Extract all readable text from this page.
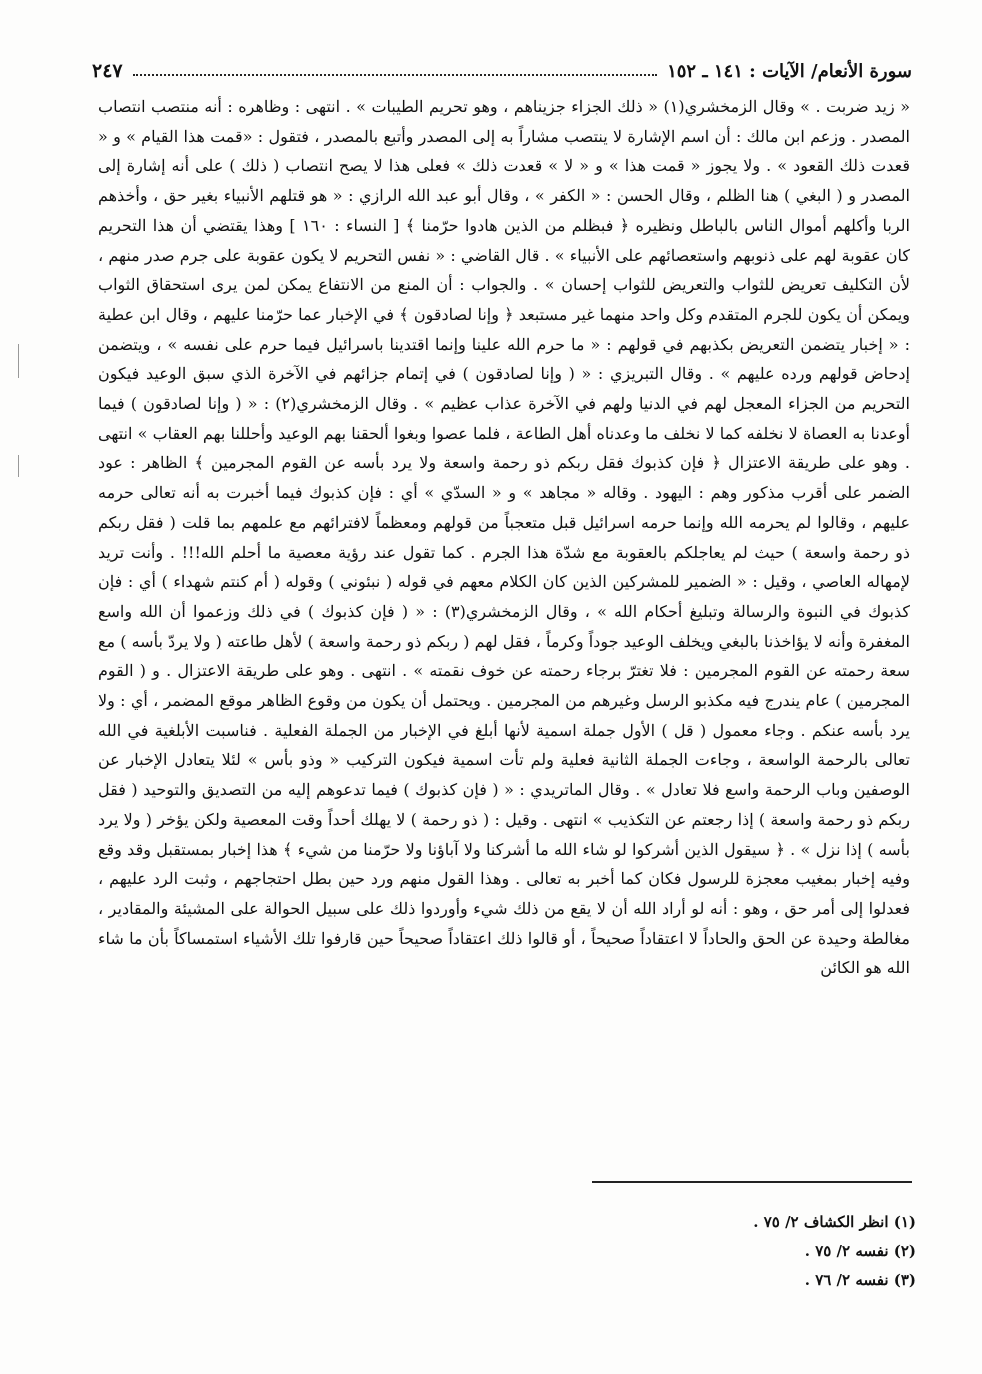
سورة الأنعام/ الآيات : ١٤١ ـ ١٥٢
٢٤٧
« زيد ضربت . » وقال الزمخشري(١) « ذلك الجزاء جزيناهم ، وهو تحريم الطيبات » . انتهى : وظاهره : أنه منتصب انتصاب المصدر . وزعم ابن مالك : أن اسم الإشارة لا ينتصب مشاراً به إلى المصدر وأتبع بالمصدر ، فتقول : «قمت هذا القيام » و « قعدت ذلك القعود » . ولا يجوز « قمت هذا » و « لا » قعدت ذلك » فعلى هذا لا يصح انتصاب ( ذلك ) على أنه إشارة إلى المصدر و ( البغي ) هنا الظلم ، وقال الحسن : « الكفر » ، وقال أبو عبد الله الرازي : « هو قتلهم الأنبياء بغير حق ، وأخذهم الربا وأكلهم أموال الناس بالباطل ونظيره ﴿ فبظلم من الذين هادوا حرّمنا ﴾ [ النساء : ١٦٠ ] وهذا يقتضي أن هذا التحريم كان عقوبة لهم على ذنوبهم واستعصائهم على الأنبياء » . قال القاضي : « نفس التحريم لا يكون عقوبة على جرم صدر منهم ، لأن التكليف تعريض للثواب والتعريض للثواب إحسان » . والجواب : أن المنع من الانتفاع يمكن لمن يرى استحقاق الثواب ويمكن أن يكون للجرم المتقدم وكل واحد منهما غير مستبعد ﴿ وإنا لصادقون ﴾ في الإخبار عما حرّمنا عليهم ، وقال ابن عطية : « إخبار يتضمن التعريض بكذبهم في قولهم : « ما حرم الله علينا وإنما اقتدينا باسرائيل فيما حرم على نفسه » ، ويتضمن إدحاض قولهم ورده عليهم » . وقال التبريزي : « ( وإنا لصادقون ) في إتمام جزائهم في الآخرة الذي سبق الوعيد فيكون التحريم من الجزاء المعجل لهم في الدنيا ولهم في الآخرة عذاب عظيم » . وقال الزمخشري(٢) : « ( وإنا لصادقون ) فيما أوعدنا به العصاة لا نخلفه كما لا نخلف ما وعدناه أهل الطاعة ، فلما عصوا وبغوا ألحقنا بهم الوعيد وأحللنا بهم العقاب » انتهى . وهو على طريقة الاعتزال ﴿ فإن كذبوك فقل ربكم ذو رحمة واسعة ولا يرد بأسه عن القوم المجرمين ﴾ الظاهر : عود الضمر على أقرب مذكور وهم : اليهود . وقاله « مجاهد » و « السدّي » أي : فإن كذبوك فيما أخبرت به أنه تعالى حرمه عليهم ، وقالوا لم يحرمه الله وإنما حرمه اسرائيل قبل متعجباً من قولهم ومعظماً لافترائهم مع علمهم بما قلت ( فقل ربكم ذو رحمة واسعة ) حيث لم يعاجلكم بالعقوبة مع شدّة هذا الجرم . كما تقول عند رؤية معصية ما أحلم الله!!! . وأنت تريد لإمهاله العاصي ، وقيل : « الضمير للمشركين الذين كان الكلام معهم في قوله ( نبئوني ) وقوله ( أم كنتم شهداء ) أي : فإن كذبوك في النبوة والرسالة وتبليغ أحكام الله » ، وقال الزمخشري(٣) : « ( فإن كذبوك ) في ذلك وزعموا أن الله واسع المغفرة وأنه لا يؤاخذنا بالبغي ويخلف الوعيد جوداً وكرماً ، فقل لهم ( ربكم ذو رحمة واسعة ) لأهل طاعته ( ولا يردّ بأسه ) مع سعة رحمته عن القوم المجرمين : فلا تغترّ برجاء رحمته عن خوف نقمته » . انتهى . وهو على طريقة الاعتزال . و ( القوم المجرمين ) عام يندرج فيه مكذبو الرسل وغيرهم من المجرمين . ويحتمل أن يكون من وقوع الظاهر موقع المضمر ، أي : ولا يرد بأسه عنكم . وجاء معمول ( قل ) الأول جملة اسمية لأنها أبلغ في الإخبار من الجملة الفعلية . فناسبت الأبلغية في الله تعالى بالرحمة الواسعة ، وجاءت الجملة الثانية فعلية ولم تأت اسمية فيكون التركيب « وذو بأس » لئلا يتعادل الإخبار عن الوصفين وباب الرحمة واسع فلا تعادل » . وقال الماتريدي : « ( فإن كذبوك ) فيما تدعوهم إليه من التصديق والتوحيد ( فقل ربكم ذو رحمة واسعة ) إذا رجعتم عن التكذيب » انتهى . وقيل : ( ذو رحمة ) لا يهلك أحداً وقت المعصية ولكن يؤخر ( ولا يرد بأسه ) إذا نزل » . ﴿ سيقول الذين أشركوا لو شاء الله ما أشركنا ولا آباؤنا ولا حرّمنا من شيء ﴾ هذا إخبار بمستقبل وقد وقع وفيه إخبار بمغيب معجزة للرسول فكان كما أخبر به تعالى . وهذا القول منهم ورد حين بطل احتجاجهم ، وثبت الرد عليهم ، فعدلوا إلى أمر حق ، وهو : أنه لو أراد الله أن لا يقع من ذلك شيء وأوردوا ذلك على سبيل الحوالة على المشيئة والمقادير ، مغالطة وحيدة عن الحق والحاداً لا اعتقاداً صحيحاً ، أو قالوا ذلك اعتقاداً صحيحاً حين قارفوا تلك الأشياء استمساكاً بأن ما شاء الله هو الكائن
(١) انظر الكشاف ٢/ ٧٥ .
(٢) نفسه ٢/ ٧٥ .
(٣) نفسه ٢/ ٧٦ .
